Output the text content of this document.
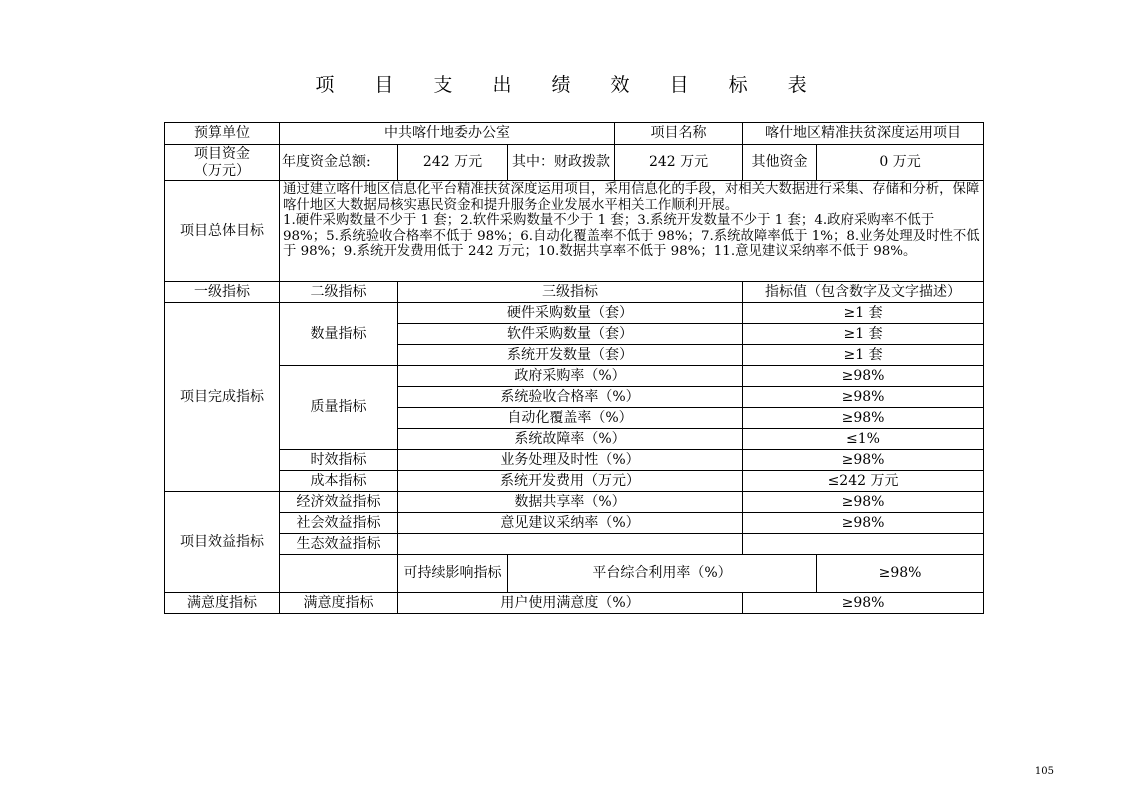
项 目 支 出 绩 效 目 标 表
预算单位	中共喀什地委办公室			项目名称	喀什地区精准扶贫深度运用项目	
项目资金
（万元）	年度资金总额:	242 万元	其中：财政拨款	242 万元	其他资金	0 万元
项目总体目标	通过建立喀什地区信息化平台精准扶贫深度运用项目，采用信息化的手段，对相关大数据进行采集、存储和分析，保障喀什地区大数据局核实惠民资金和提升服务企业发展水平相关工作顺利开展。
1.硬件采购数量不少于 1 套；2.软件采购数量不少于 1 套；3.系统开发数量不少于 1 套；4.政府采购率不低于 98%；5.系统验收合格率不低于 98%；6.自动化覆盖率不低于 98%；7.系统故障率低于 1%；8.业务处理及时性不低于 98%；9.系统开发费用低于 242 万元；10.数据共享率不低于 98%；11.意见建议采纳率不低于 98%。					
一级指标	二级指标	三级指标			指标值（包含数字及文字描述）	
项目完成指标	数量指标	硬件采购数量（套）			≥1 套	
		软件采购数量（套）			≥1 套	
		系统开发数量（套）			≥1 套	
	质量指标	政府采购率（%）			≥98%	
		系统验收合格率（%）			≥98%	
		自动化覆盖率（%）			≥98%	
		系统故障率（%）			≤1%	
	时效指标	业务处理及时性（%）			≥98%	
	成本指标	系统开发费用（万元）			≤242 万元	
项目效益指标	经济效益指标	数据共享率（%）			≥98%	
	社会效益指标	意见建议采纳率（%）			≥98%	
	生态效益指标					
		可持续影响指标	平台综合利用率（%）			≥98%
满意度指标	满意度指标	用户使用满意度（%）			≥98%	
105
